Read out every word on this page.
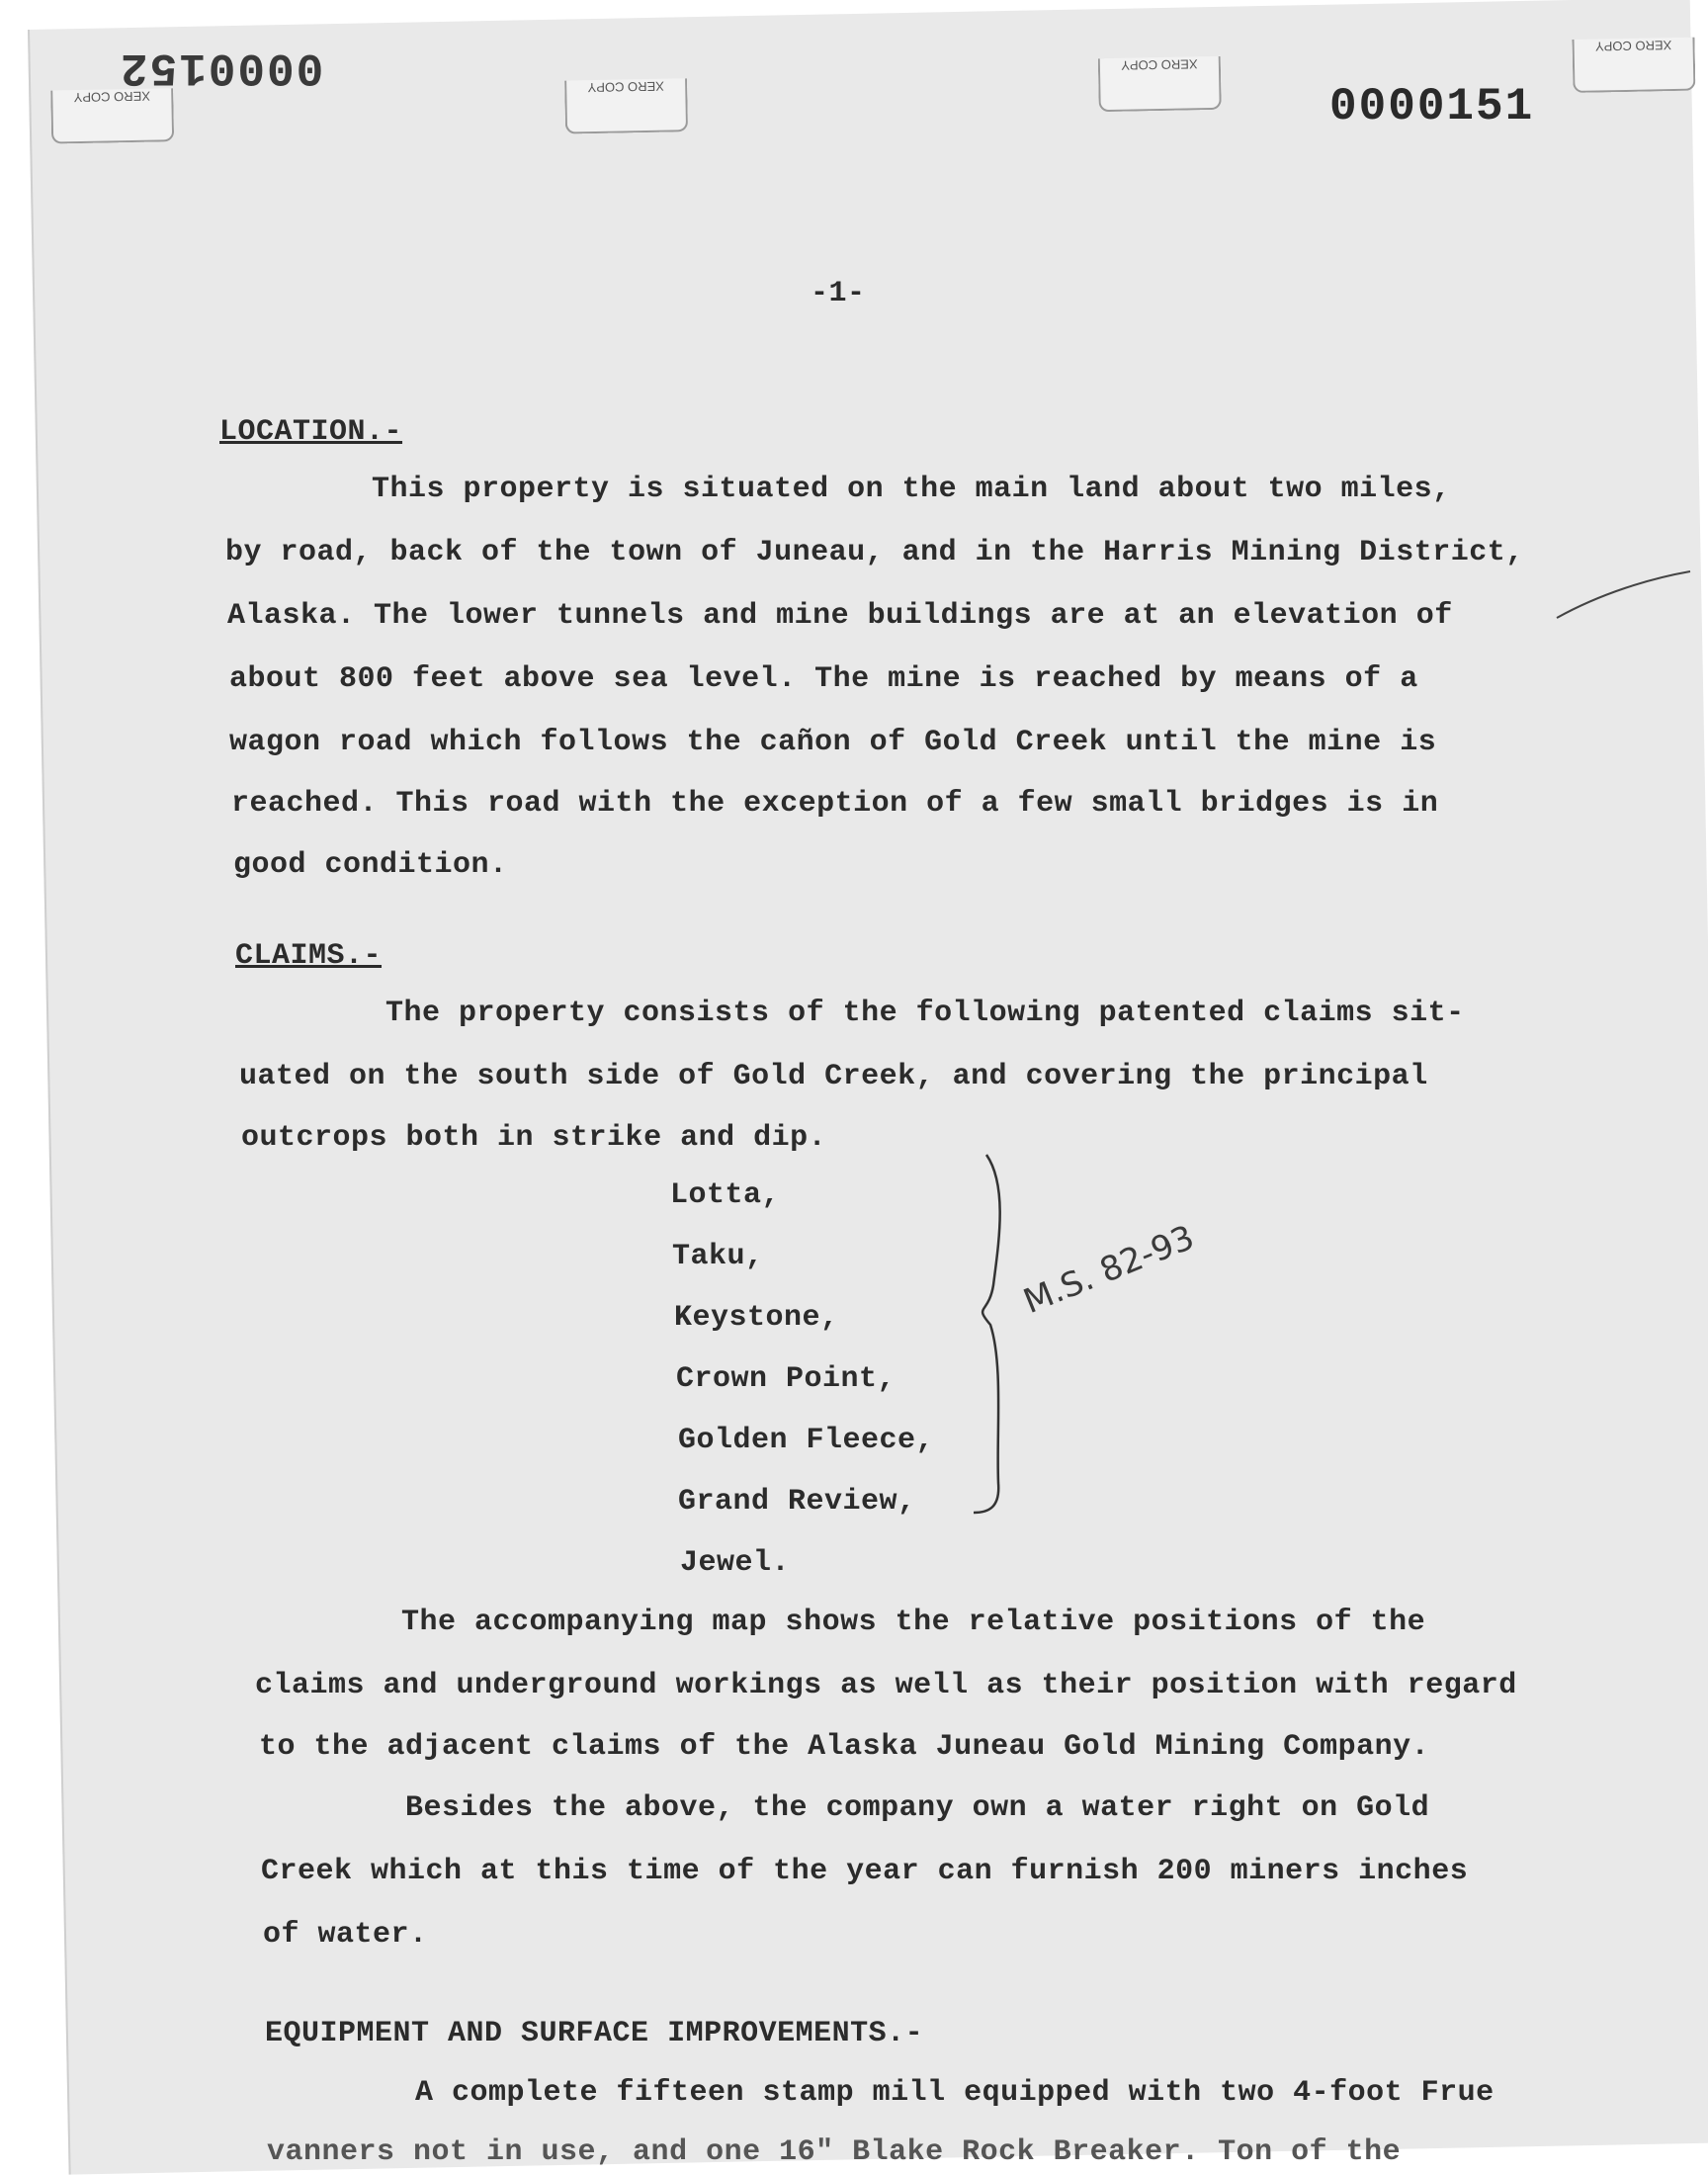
XERO COPY
XERO COPY
XERO COPY
XERO COPY
0000152
0000151
-1-
LOCATION.-
This property is situated on the main land about two miles,
by road, back of the town of Juneau, and in the Harris Mining District,
Alaska. The lower tunnels and mine buildings are at an elevation of
about 800 feet above sea level. The mine is reached by means of a
wagon road which follows the cañon of Gold Creek until the mine is
reached. This road with the exception of a few small bridges is in
good condition.
CLAIMS.-
The property consists of the following patented claims sit-
uated on the south side of Gold Creek, and covering the principal
outcrops both in strike and dip.
Lotta,
Taku,
Keystone,
Crown Point,
Golden Fleece,
Grand Review,
Jewel.
M.S. 82-93
The accompanying map shows the relative positions of the
claims and underground workings as well as their position with regard
to the adjacent claims of the Alaska Juneau Gold Mining Company.
Besides the above, the company own a water right on Gold
Creek which at this time of the year can furnish 200 miners inches
of water.
EQUIPMENT AND SURFACE IMPROVEMENTS.-
A complete fifteen stamp mill equipped with two 4-foot Frue
vanners not in use, and one 16" Blake Rock Breaker. Ton of the
